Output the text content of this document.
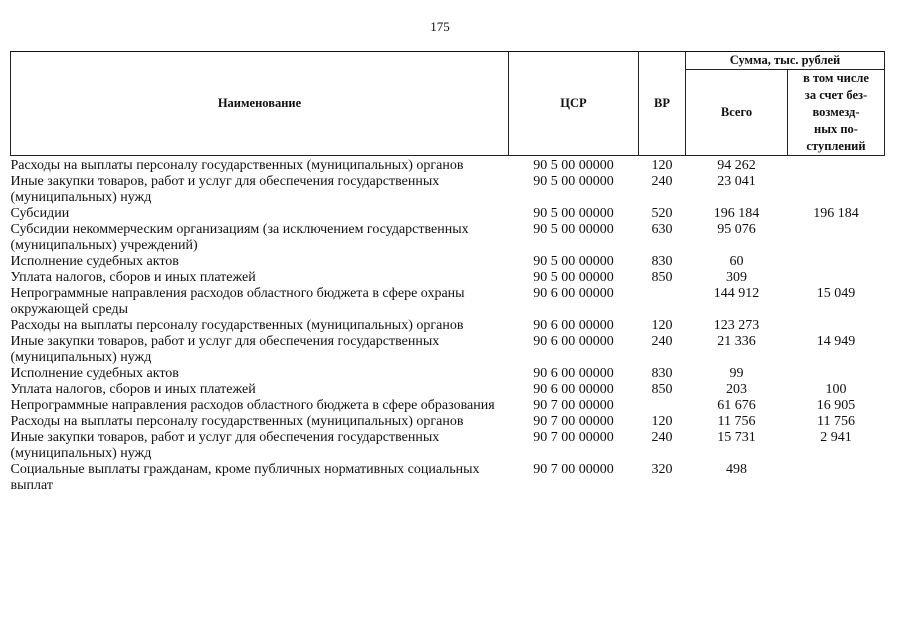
175
Наименование	ЦСР	ВР	Сумма, тыс. рублей	
			Всего	в том числе
за счет без-
возмезд-
ных по-
ступлений

Расходы на выплаты персоналу государственных (муниципальных) органов	90 5 00 00000	120	94 262	
Иные закупки товаров, работ и услуг для обеспечения государственных (муниципальных) нужд	90 5 00 00000	240	23 041	
Субсидии	90 5 00 00000	520	196 184	196 184
Субсидии некоммерческим организациям (за исключением государственных (муниципальных) учреждений)	90 5 00 00000	630	95 076	
Исполнение судебных актов	90 5 00 00000	830	60	
Уплата налогов, сборов и иных платежей	90 5 00 00000	850	309	
Непрограммные направления расходов областного бюджета в сфере охраны окружающей среды	90 6 00 00000		144 912	15 049
Расходы на выплаты персоналу государственных (муниципальных) органов	90 6 00 00000	120	123 273	
Иные закупки товаров, работ и услуг для обеспечения государственных (муниципальных) нужд	90 6 00 00000	240	21 336	14 949
Исполнение судебных актов	90 6 00 00000	830	99	
Уплата налогов, сборов и иных платежей	90 6 00 00000	850	203	100
Непрограммные направления расходов областного бюджета в сфере образования	90 7 00 00000		61 676	16 905
Расходы на выплаты персоналу государственных (муниципальных) органов	90 7 00 00000	120	11 756	11 756
Иные закупки товаров, работ и услуг для обеспечения государственных (муниципальных) нужд	90 7 00 00000	240	15 731	2 941
Социальные выплаты гражданам, кроме публичных нормативных социальных выплат	90 7 00 00000	320	498	
